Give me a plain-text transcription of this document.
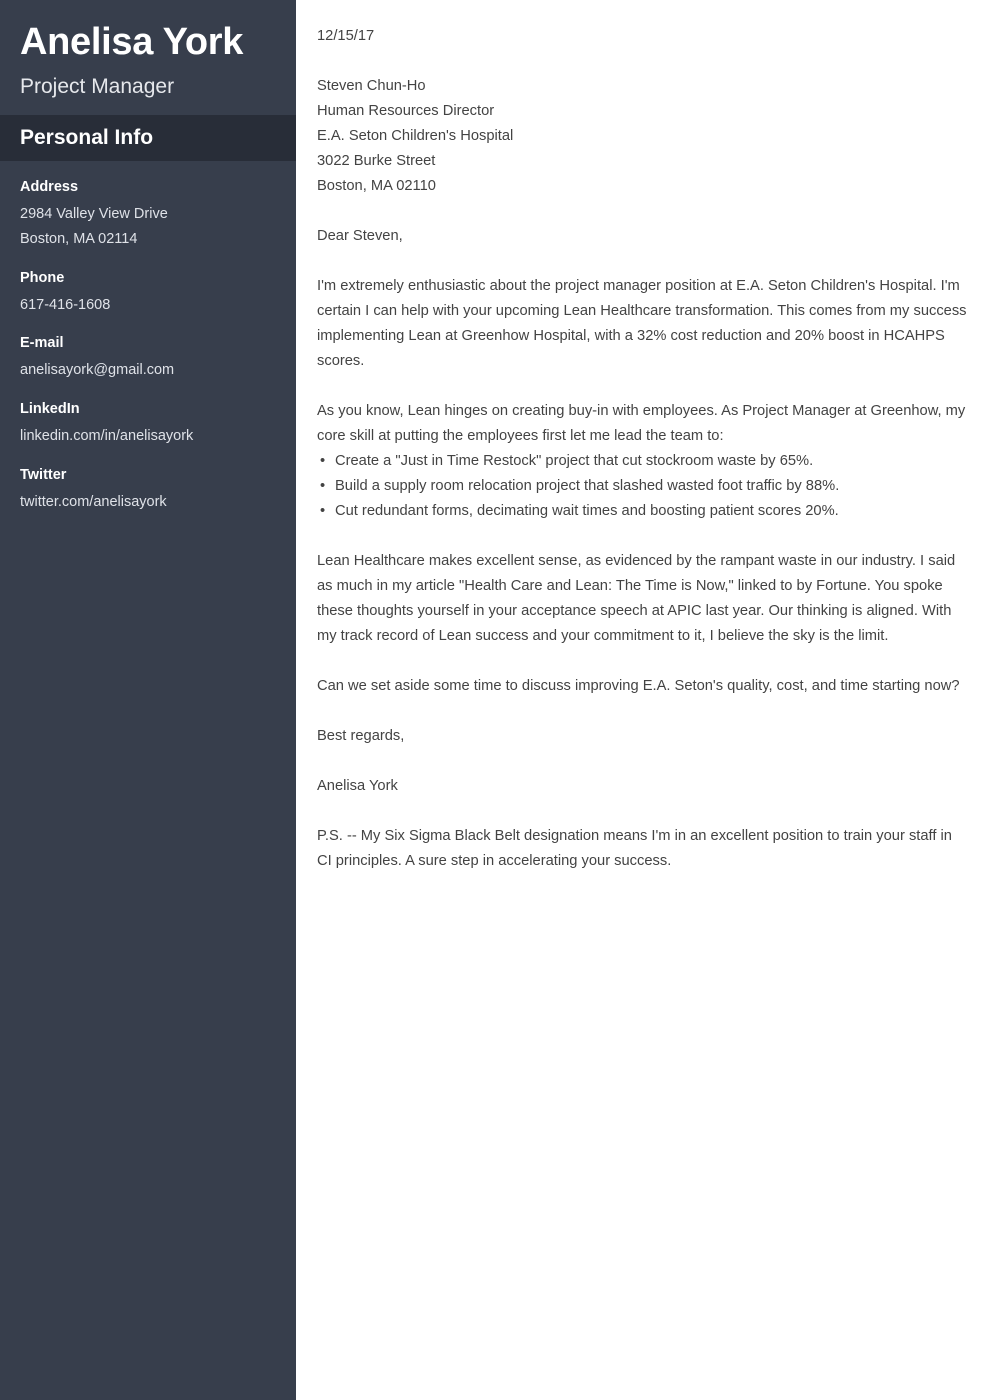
Anelisa York
Project Manager
Personal Info
Address
2984 Valley View Drive
Boston, MA 02114
Phone
617-416-1608
E-mail
anelisayork@gmail.com
LinkedIn
linkedin.com/in/anelisayork
Twitter
twitter.com/anelisayork
12/15/17
Steven Chun-Ho
Human Resources Director
E.A. Seton Children's Hospital
3022 Burke Street
Boston, MA 02110
Dear Steven,

I'm extremely enthusiastic about the project manager position at E.A. Seton Children's Hospital. I'm certain I can help with your upcoming Lean Healthcare transformation. This comes from my success implementing Lean at Greenhow Hospital, with a 32% cost reduction and 20% boost in HCAHPS scores.

As you know, Lean hinges on creating buy-in with employees. As Project Manager at Greenhow, my core skill at putting the employees first let me lead the team to:

• Create a "Just in Time Restock" project that cut stockroom waste by 65%.
• Build a supply room relocation project that slashed wasted foot traffic by 88%.
• Cut redundant forms, decimating wait times and boosting patient scores 20%.

Lean Healthcare makes excellent sense, as evidenced by the rampant waste in our industry. I said as much in my article "Health Care and Lean: The Time is Now," linked to by Fortune. You spoke these thoughts yourself in your acceptance speech at APIC last year. Our thinking is aligned. With my track record of Lean success and your commitment to it, I believe the sky is the limit.

Can we set aside some time to discuss improving E.A. Seton's quality, cost, and time starting now?

Best regards,
Anelisa York

P.S. -- My Six Sigma Black Belt designation means I'm in an excellent position to train your staff in CI principles. A sure step in accelerating your success.
